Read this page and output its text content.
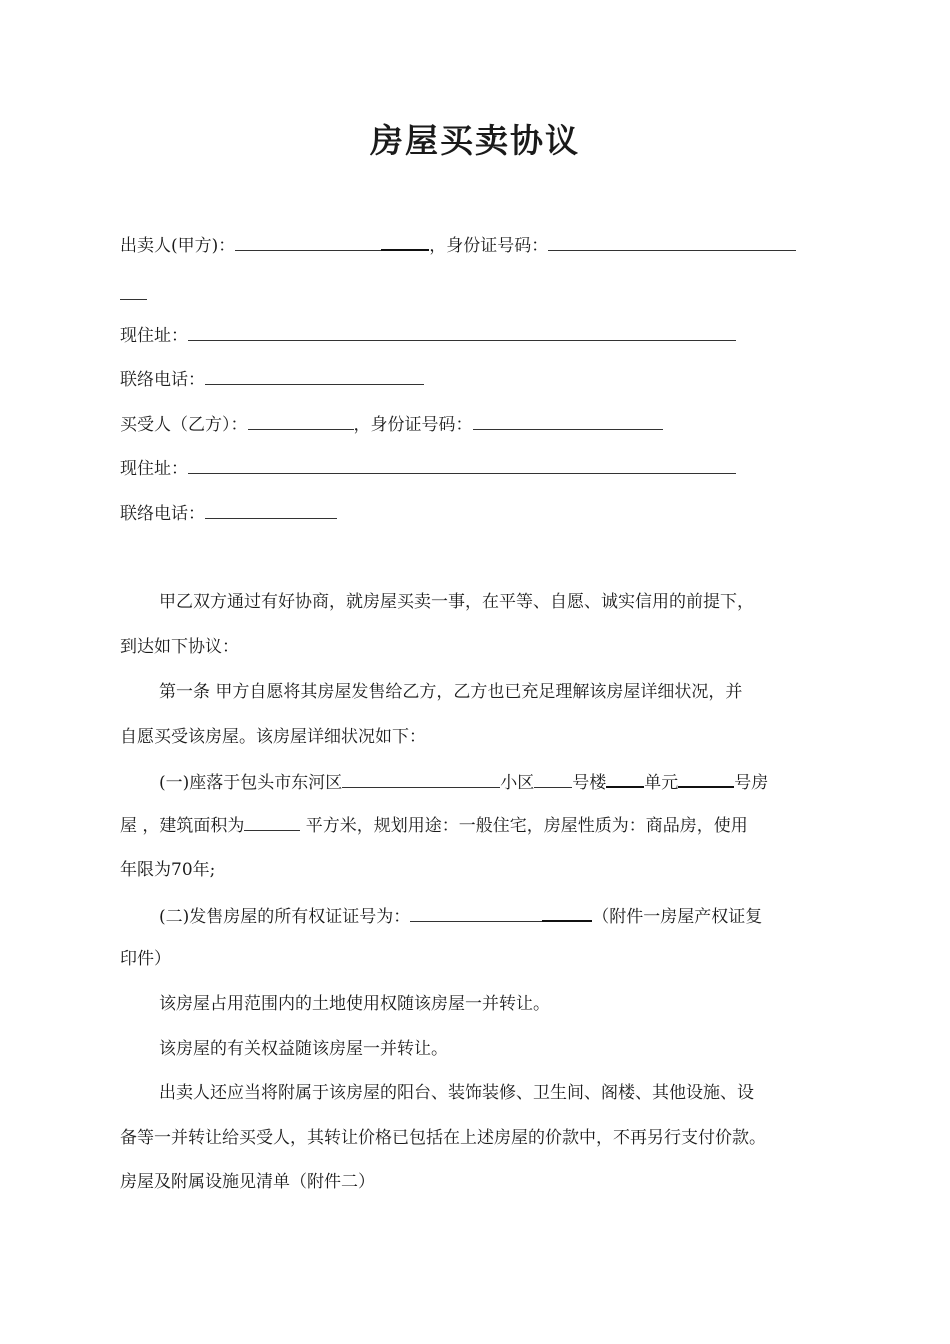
房屋买卖协议
出卖人(甲方)：	，身份证号码：
现住址：
联络电话：
买受人（乙方）：	，身份证号码：
现住址：
联络电话：
甲乙双方通过有好协商，就房屋买卖一事，在平等、自愿、诚实信用的前提下，
到达如下协议：
第一条 甲方自愿将其房屋发售给乙方，乙方也已充足理解该房屋详细状况，并
自愿买受该房屋。该房屋详细状况如下：
(一)座落于包头市东河区	小区 号楼 单元	号房
屋 ，建筑面积为	平方米，规划用途：一般住宅，房屋性质为：商品房，使用
年限为70年;
(二)发售房屋的所有权证证号为：	（附件一房屋产权证复
印件）
该房屋占用范围内的土地使用权随该房屋一并转让。
该房屋的有关权益随该房屋一并转让。
出卖人还应当将附属于该房屋的阳台、装饰装修、卫生间、阁楼、其他设施、设
备等一并转让给买受人，其转让价格已包括在上述房屋的价款中，不再另行支付价款。
房屋及附属设施见清单（附件二）
